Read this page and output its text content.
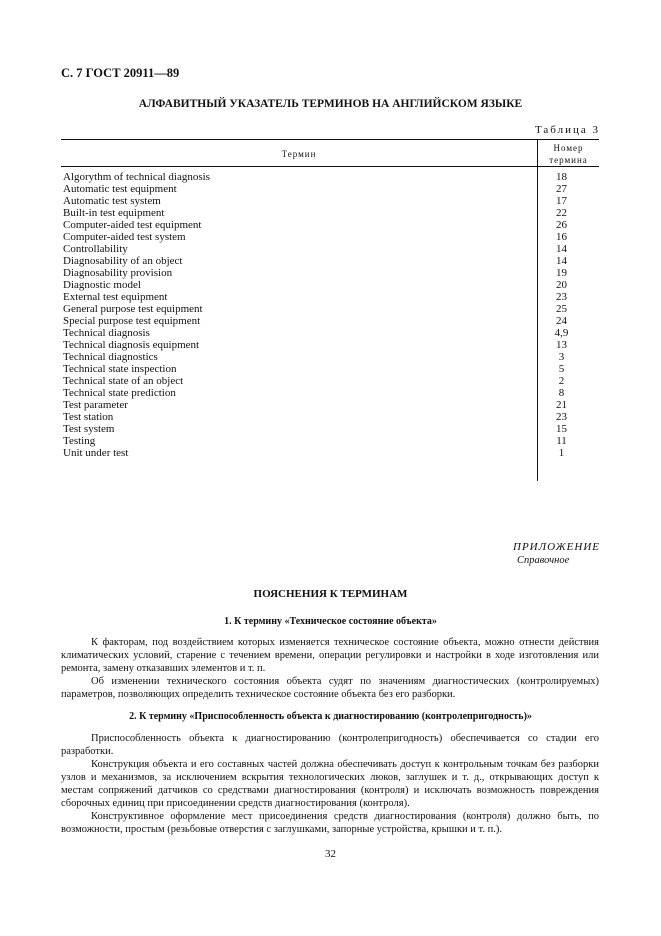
С. 7 ГОСТ 20911—89
АЛФАВИТНЫЙ УКАЗАТЕЛЬ ТЕРМИНОВ НА АНГЛИЙСКОМ ЯЗЫКЕ
Таблица 3
Термин
Номер
термина
Algorythm of technical diagnosis	18
Automatic test equipment	27
Automatic test system	17
Built-in test equipment	22
Computer-aided test equipment	26
Computer-aided test system	16
Controllability	14
Diagnosability of an object	14
Diagnosability provision	19
Diagnostic model	20
External test equipment	23
General purpose test equipment	25
Special purpose test equipment	24
Technical diagnosis	4,9
Technical diagnosis equipment	13
Technical diagnostics	3
Technical state inspection	5
Technical state of an object	2
Technical state prediction	8
Test parameter	21
Test station	23
Test system	15
Testing	11
Unit under test	1
ПРИЛОЖЕНИЕ
Справочное
ПОЯСНЕНИЯ К ТЕРМИНАМ
1. К термину «Техническое состояние объекта»

К факторам, под воздействием которых изменяется техническое состояние объекта, можно отнести действия климатических условий, старение с течением времени, операции регулировки и настройки в ходе изготовления или ремонта, замену отказавших элементов и т. п.

Об изменении технического состояния объекта судят по значениям диагностических (контролируемых) параметров, позволяющих определить техническое состояние объекта без его разборки.

2. К термину «Приспособленность объекта к диагностированию (контролепригодность)»

Приспособленность объекта к диагностированию (контролепригодность) обеспечивается со стадии его разработки.

Конструкция объекта и его составных частей должна обеспечивать доступ к контрольным точкам без разборки узлов и механизмов, за исключением вскрытия технологических люков, заглушек и т. д., открывающих доступ к местам сопряжений датчиков со средствами диагностирования (контроля) и исключать возможность повреждения сборочных единиц при присоединении средств диагностирования (контроля).

Конструктивное оформление мест присоединения средств диагностирования (контроля) должно быть, по возможности, простым (резьбовые отверстия с заглушками, запорные устройства, крышки и т. п.).

32
